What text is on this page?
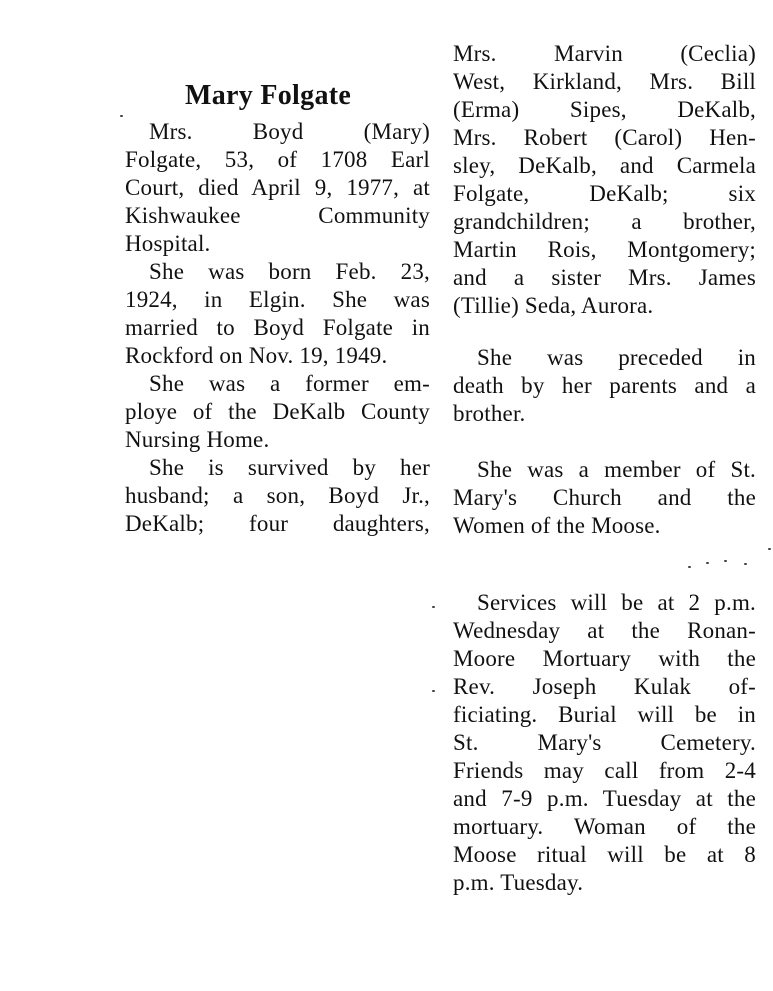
Mary Folgate
Mrs. Boyd (Mary)
Folgate, 53, of 1708 Earl
Court, died April 9, 1977, at
Kishwaukee Community
Hospital.
She was born Feb. 23,
1924, in Elgin. She was
married to Boyd Folgate in
Rockford on Nov. 19, 1949.
She was a former em-
ploye of the DeKalb County
Nursing Home.
She is survived by her
husband; a son, Boyd Jr.,
DeKalb; four daughters,
Mrs. Marvin (Ceclia)
West, Kirkland, Mrs. Bill
(Erma) Sipes, DeKalb,
Mrs. Robert (Carol) Hen-
sley, DeKalb, and Carmela
Folgate, DeKalb; six
grandchildren; a brother,
Martin Rois, Montgomery;
and a sister Mrs. James
(Tillie) Seda, Aurora.
She was preceded in
death by her parents and a
brother.
She was a member of St.
Mary's Church and the
Women of the Moose.
Services will be at 2 p.m.
Wednesday at the Ronan-
Moore Mortuary with the
Rev. Joseph Kulak of-
ficiating. Burial will be in
St. Mary's Cemetery.
Friends may call from 2-4
and 7-9 p.m. Tuesday at the
mortuary. Woman of the
Moose ritual will be at 8
p.m. Tuesday.
